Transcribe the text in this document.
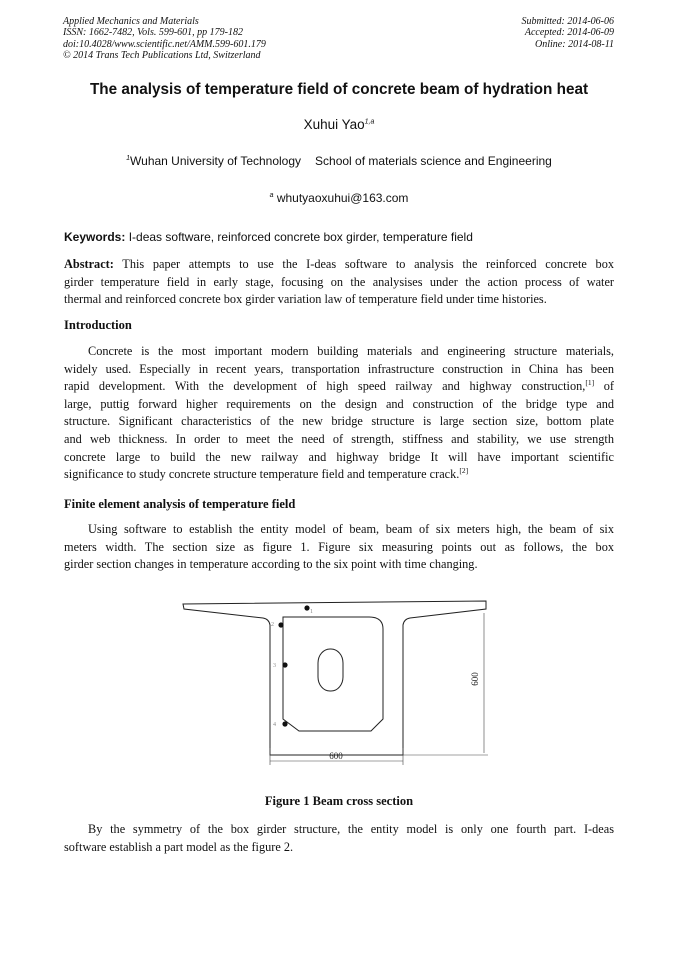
Applied Mechanics and Materials
ISSN: 1662-7482, Vols. 599-601, pp 179-182
doi:10.4028/www.scientific.net/AMM.599-601.179
© 2014 Trans Tech Publications Ltd, Switzerland
Submitted: 2014-06-06
Accepted: 2014-06-09
Online: 2014-08-11
The analysis of temperature field of concrete beam of hydration heat
Xuhui Yao$^{1,a}$
$^1$Wuhan University of Technology School of materials science and Engineering
$^a$ whutyaoxuhui@163.com
Keywords: I-deas software, reinforced concrete box girder, temperature field
Abstract: This paper attempts to use the I-deas software to analysis the reinforced concrete box
girder temperature field in early stage, focusing on the analysises under the action process of water
thermal and reinforced concrete box girder variation law of temperature field under time histories.
Introduction
Concrete is the most important modern building materials and engineering structure materials,
widely used. Especially in recent years, transportation infrastructure construction in China has been
rapid development. With the development of high speed railway and highway construction,[1] of
large, puttig forward higher requirements on the design and construction of the bridge type and
structure. Significant characteristics of the new bridge structure is large section size, bottom plate
and web thickness. In order to meet the need of strength, stiffness and stability, we use strength
concrete large to build the new railway and highway bridge It will have important scientific
significance to study concrete structure temperature field and temperature crack.[2]
Finite element analysis of temperature field
Using software to establish the entity model of beam, beam of six meters high, the beam of six
meters width. The section size as figure 1. Figure six measuring points out as follows, the box
girder section changes in temperature according to the six point with time changing.
1
2
3
4
600
600
Figure 1 Beam cross section
By the symmetry of the box girder structure, the entity model is only one fourth part. I-deas
software establish a part model as the figure 2.
